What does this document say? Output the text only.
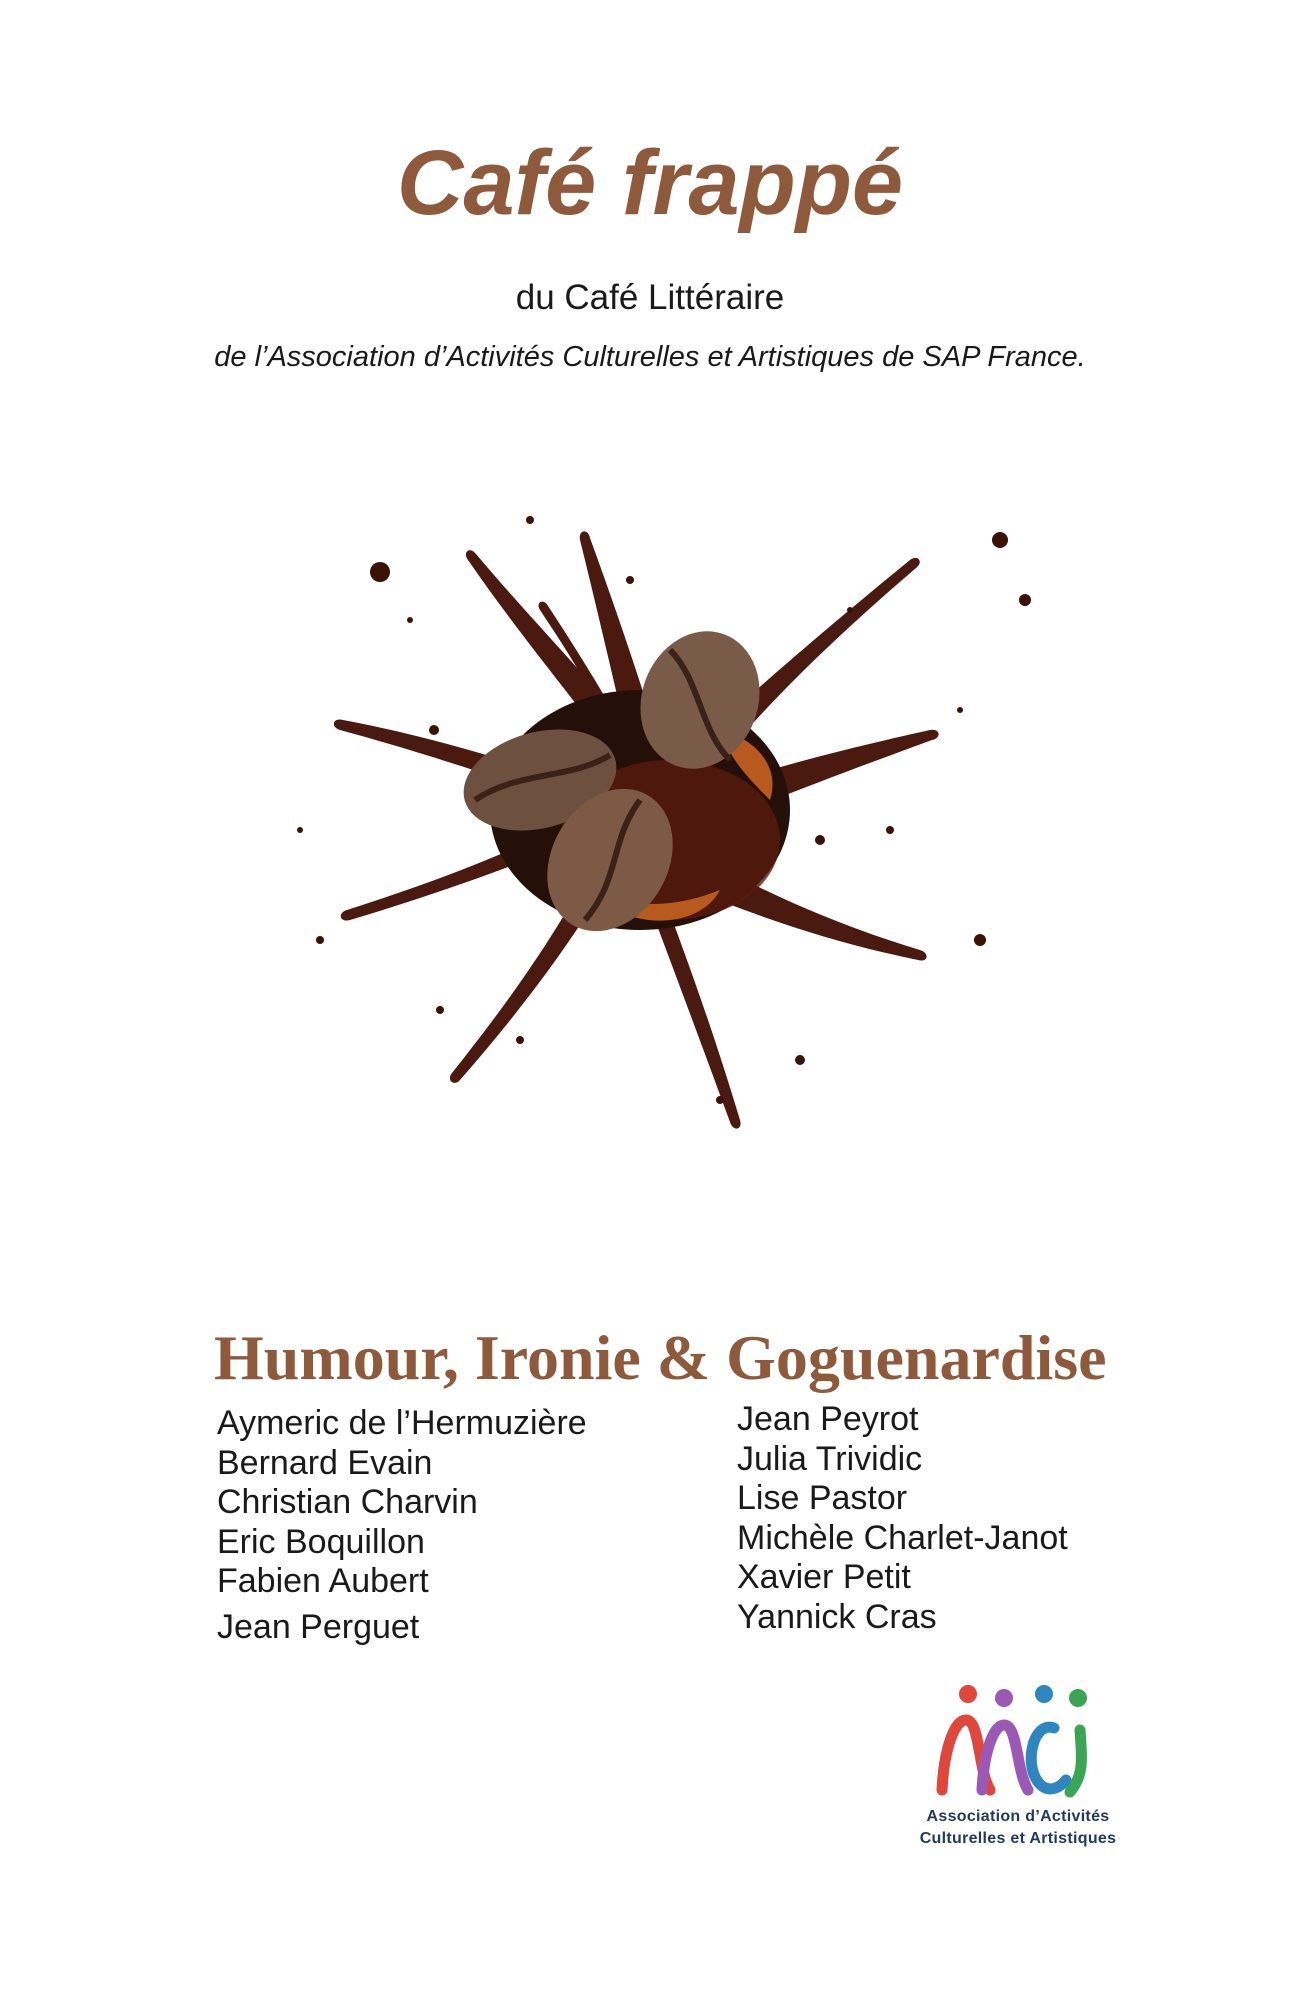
Café frappé

du Café Littéraire

de l’Association d’Activités Culturelles et Artistiques de SAP France.

Humour, Ironie & Goguenardise
Aymeric de l’Hermuzière
Bernard Evain
Christian Charvin
Eric Boquillon
Fabien Aubert
Jean Perguet
Jean Peyrot
Julia Trividic
Lise Pastor
Michèle Charlet-Janot
Xavier Petit
Yannick Cras
Association d’Activités
Culturelles et Artistiques
